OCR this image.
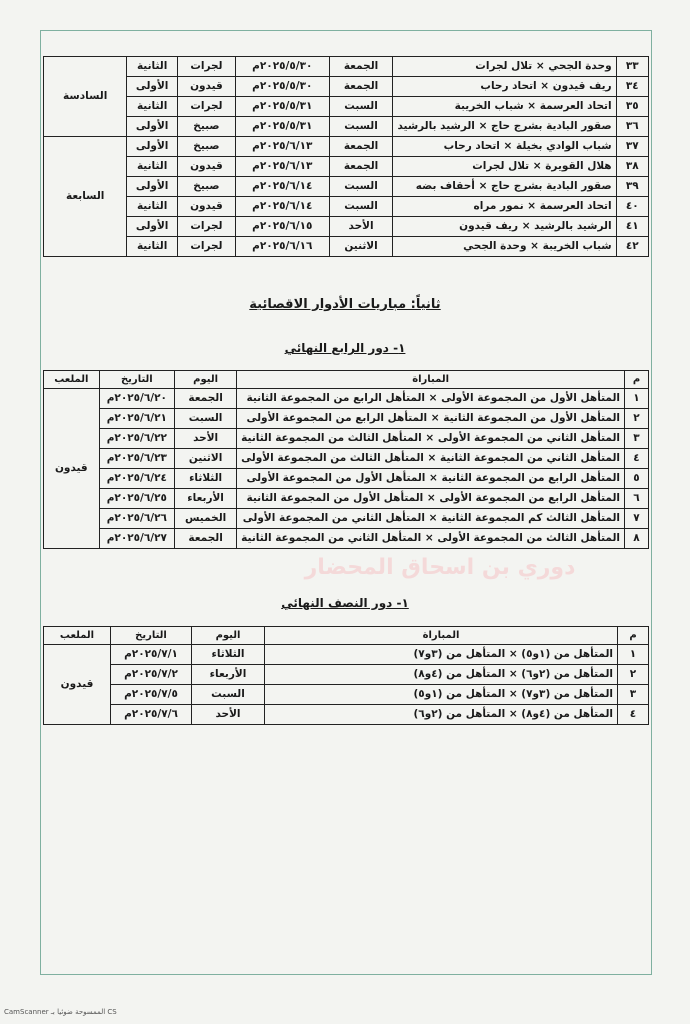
٣٣	وحدة الجحي × تلال لجرات	الجمعة	٢٠٢٥/٥/٣٠م	لجرات	الثانية	السادسة
٣٤	ريف قيدون × اتحاد رحاب	الجمعة	٢٠٢٥/٥/٣٠م	قيدون	الأولى	
٣٥	اتحاد العرسمة × شباب الخريبة	السبت	٢٠٢٥/٥/٣١م	لجرات	الثانية	
٣٦	صقور البادية بشرج حاج × الرشيد بالرشيد	السبت	٢٠٢٥/٥/٣١م	صبيخ	الأولى	
٣٧	شباب الوادي بخيلة × اتحاد رحاب	الجمعة	٢٠٢٥/٦/١٣م	صبيخ	الأولى	السابعة
٣٨	هلال القويرة × تلال لجرات	الجمعة	٢٠٢٥/٦/١٣م	قيدون	الثانية	
٣٩	صقور البادية بشرج حاج × أحقاف بضه	السبت	٢٠٢٥/٦/١٤م	صبيخ	الأولى	
٤٠	اتحاد العرسمة × نمور مراه	السبت	٢٠٢٥/٦/١٤م	قيدون	الثانية	
٤١	الرشيد بالرشيد × ريف قيدون	الأحد	٢٠٢٥/٦/١٥م	لجرات	الأولى	
٤٢	شباب الخريبة × وحدة الجحي	الاثنين	٢٠٢٥/٦/١٦م	لجرات	الثانية	
ثانياً: مباريات الأدوار الاقصائية
١- دور الرابع النهائي
م	المباراة	اليوم	التاريخ	الملعب
١	المتأهل الأول من المجموعة الأولى × المتأهل الرابع من المجموعة الثانية	الجمعة	٢٠٢٥/٦/٢٠م	قيدون
٢	المتأهل الأول من المجموعة الثانية × المتأهل الرابع من المجموعة الأولى	السبت	٢٠٢٥/٦/٢١م	
٣	المتأهل الثاني من المجموعة الأولى × المتأهل الثالث من المجموعة الثانية	الأحد	٢٠٢٥/٦/٢٢م	
٤	المتأهل الثاني من المجموعة الثانية × المتأهل الثالث من المجموعة الأولى	الاثنين	٢٠٢٥/٦/٢٣م	
٥	المتأهل الرابع من المجموعة الثانية × المتأهل الأول من المجموعة الأولى	الثلاثاء	٢٠٢٥/٦/٢٤م	
٦	المتأهل الرابع من المجموعة الأولى × المتأهل الأول من المجموعة الثانية	الأربعاء	٢٠٢٥/٦/٢٥م	
٧	المتأهل الثالث كم المجموعة الثانية × المتأهل الثاني من المجموعة الأولى	الخميس	٢٠٢٥/٦/٢٦م	
٨	المتأهل الثالث من المجموعة الأولى × المتأهل الثاني من المجموعة الثانية	الجمعة	٢٠٢٥/٦/٢٧م	
دوري بن اسحاق المحضار
١- دور النصف النهائي
م	المباراة	اليوم	التاريخ	الملعب
١	المتأهل من (١و٥) × المتأهل من (٣و٧)	الثلاثاء	٢٠٢٥/٧/١م	قيدون
٢	المتأهل من (٢و٦) × المتأهل من (٤و٨)	الأربعاء	٢٠٢٥/٧/٢م	
٣	المتأهل من (٣و٧) × المتأهل من (١و٥)	السبت	٢٠٢٥/٧/٥م	
٤	المتأهل من (٤و٨) × المتأهل من (٢و٦)	الأحد	٢٠٢٥/٧/٦م	
CS الممسوحة ضوئيا بـ CamScanner
